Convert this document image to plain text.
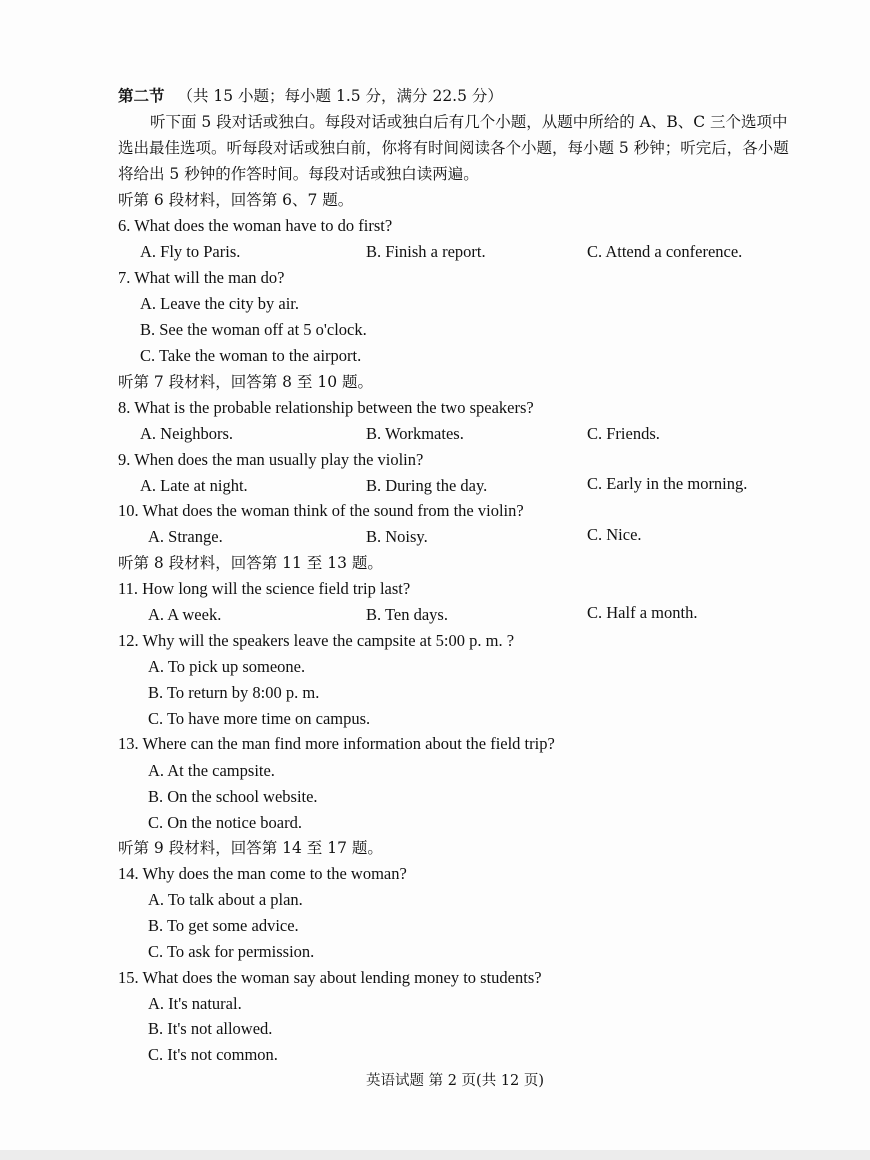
第二节 （共 15 小题；每小题 1.5 分，满分 22.5 分）
听下面 5 段对话或独白。每段对话或独白后有几个小题，从题中所给的 A、B、C 三个选项中
选出最佳选项。听每段对话或独白前，你将有时间阅读各个小题，每小题 5 秒钟；听完后，各小题
将给出 5 秒钟的作答时间。每段对话或独白读两遍。
听第 6 段材料，回答第 6、7 题。
6. What does the woman have to do first?
A. Fly to Paris.	B. Finish a report.	C. Attend a conference.
7. What will the man do?
A. Leave the city by air.
B. See the woman off at 5 o'clock.
C. Take the woman to the airport.
听第 7 段材料，回答第 8 至 10 题。
8. What is the probable relationship between the two speakers?
A. Neighbors.	B. Workmates.	C. Friends.
9. When does the man usually play the violin?
A. Late at night.	B. During the day.	C. Early in the morning.
10. What does the woman think of the sound from the violin?
A. Strange.	B. Noisy.	C. Nice.
听第 8 段材料，回答第 11 至 13 题。
11. How long will the science field trip last?
A. A week.	B. Ten days.	C. Half a month.
12. Why will the speakers leave the campsite at 5:00 p. m. ?
A. To pick up someone.
B. To return by 8:00 p. m.
C. To have more time on campus.
13. Where can the man find more information about the field trip?
A. At the campsite.
B. On the school website.
C. On the notice board.
听第 9 段材料，回答第 14 至 17 题。
14. Why does the man come to the woman?
A. To talk about a plan.
B. To get some advice.
C. To ask for permission.
15. What does the woman say about lending money to students?
A. It's natural.
B. It's not allowed.
C. It's not common.
英语试题 第 2 页(共 12 页)
